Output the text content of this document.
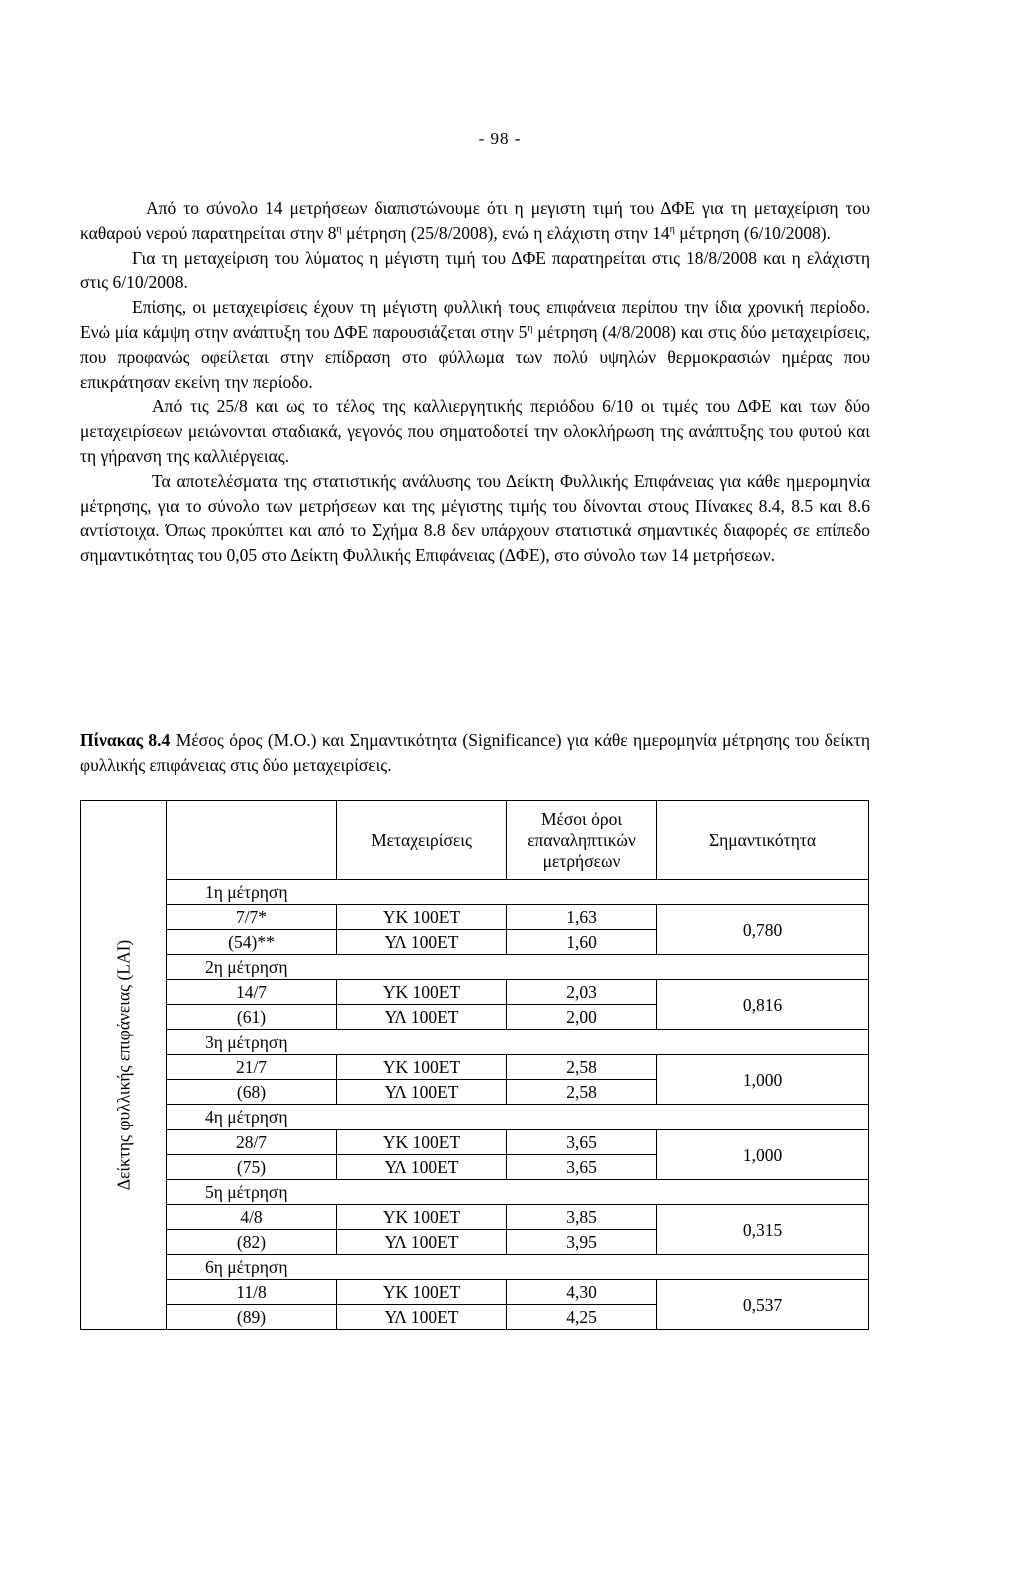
- 98 -

Από το σύνολο 14 μετρήσεων διαπιστώνουμε ότι η μεγιστη τιμή του ΔΦΕ για τη μεταχείριση του καθαρού νερού παρατηρείται στην $8^\eta$ μέτρηση (25/8/2008), ενώ η ελάχιστη στην $14^\eta$ μέτρηση (6/10/2008).

Για τη μεταχείριση του λύματος η μέγιστη τιμή του ΔΦΕ παρατηρείται στις 18/8/2008 και η ελάχιστη στις 6/10/2008.

Επίσης, οι μεταχειρίσεις έχουν τη μέγιστη φυλλική τους επιφάνεια περίπου την ίδια χρονική περίοδο. Ενώ μία κάμψη στην ανάπτυξη του ΔΦΕ παρουσιάζεται στην $5^\eta$ μέτρηση (4/8/2008) και στις δύο μεταχειρίσεις, που προφανώς οφείλεται στην επίδραση στο φύλλωμα των πολύ υψηλών θερμοκρασιών ημέρας που επικράτησαν εκείνη την περίοδο.

Από τις 25/8 και ως το τέλος της καλλιεργητικής περιόδου 6/10 οι τιμές του ΔΦΕ και των δύο μεταχειρίσεων μειώνονται σταδιακά, γεγονός που σηματοδοτεί την ολοκλήρωση της ανάπτυξης του φυτού και τη γήρανση της καλλιέργειας.

Τα αποτελέσματα της στατιστικής ανάλυσης του Δείκτη Φυλλικής Επιφάνειας για κάθε ημερομηνία μέτρησης, για το σύνολο των μετρήσεων και της μέγιστης τιμής του δίνονται στους Πίνακες 8.4, 8.5 και 8.6 αντίστοιχα. Όπως προκύπτει και από το Σχήμα 8.8 δεν υπάρχουν στατιστικά σημαντικές διαφορές σε επίπεδο σημαντικότητας του 0,05 στο Δείκτη Φυλλικής Επιφάνειας (ΔΦΕ), στο σύνολο των 14 μετρήσεων.

Πίνακας 8.4 Μέσος όρος (Μ.Ο.) και Σημαντικότητα (Significance) για κάθε ημερομηνία μέτρησης του δείκτη φυλλικής επιφάνειας στις δύο μεταχειρίσεις.
Δείκτης φυλλικής επιφάνειας (LAI)		Μεταχειρίσεις	Μέσοι όροι επαναληπτικών μετρήσεων	Σημαντικότητα
	1η μέτρηση			
	7/7*	ΥΚ 100ΕΤ	1,63	0,780
	(54)**	ΥΛ 100ΕΤ	1,60	
	2η μέτρηση			
	14/7	ΥΚ 100ΕΤ	2,03	0,816
	(61)	ΥΛ 100ΕΤ	2,00	
	3η μέτρηση			
	21/7	ΥΚ 100ΕΤ	2,58	1,000
	(68)	ΥΛ 100ΕΤ	2,58	
	4η μέτρηση			
	28/7	ΥΚ 100ΕΤ	3,65	1,000
	(75)	ΥΛ 100ΕΤ	3,65	
	5η μέτρηση			
	4/8	ΥΚ 100ΕΤ	3,85	0,315
	(82)	ΥΛ 100ΕΤ	3,95	
	6η μέτρηση			
	11/8	ΥΚ 100ΕΤ	4,30	0,537
	(89)	ΥΛ 100ΕΤ	4,25	
